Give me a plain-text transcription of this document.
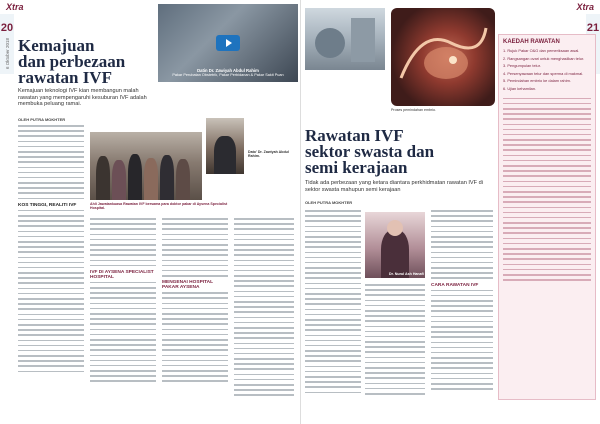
Xtra
20
6 Oktober 2018 Kemajuan
dan perbezaan
rawatan IVF
Kemajuan teknologi IVF kian membangun malah rawatan yang mempengaruhi kesuburan IVF adalah membuka peluang ramai.
OLEH PUTRA MOKHTER
Datin Dr. Zawiyah Abdul Rahim
Pakar Perubatan Obstetrik, Pakar Perbidanan & Pakar Sakit Puan
KOS TINGGI, REALITI IVF
Dato' Dr. Zawiyah Abdul Rahim.
Ahli Jawatankuasa Rawatan IVF bersama para doktor pakar di Aysena Specialist Hospital.
IVF DI AYSENA SPECIALIST HOSPITAL
MENGENAI HOSPITAL PAKAR AYSENA
Xtra
21
Proses pemindahan embrio.
Rawatan IVF
sektor swasta dan
semi kerajaan
Tidak ada perbezaan yang ketara diantara perkhidmatan rawatan IVF di sektor swasta mahupun semi kerajaan
OLEH PUTRA MOKHTER
Dr. Nurul Ash Hanafi
CARA RAWATAN IVF
KAEDAH RAWATAN
1. Rujuk Pakar O&G dan pemeriksaan awal.
2. Rangsangan ovari untuk menghasilkan telur.
3. Pengumpulan telur.
4. Persenyawaan telur dan sperma di makmal.
5. Pemindahan embrio ke dalam rahim.
6. Ujian kehamilan.
